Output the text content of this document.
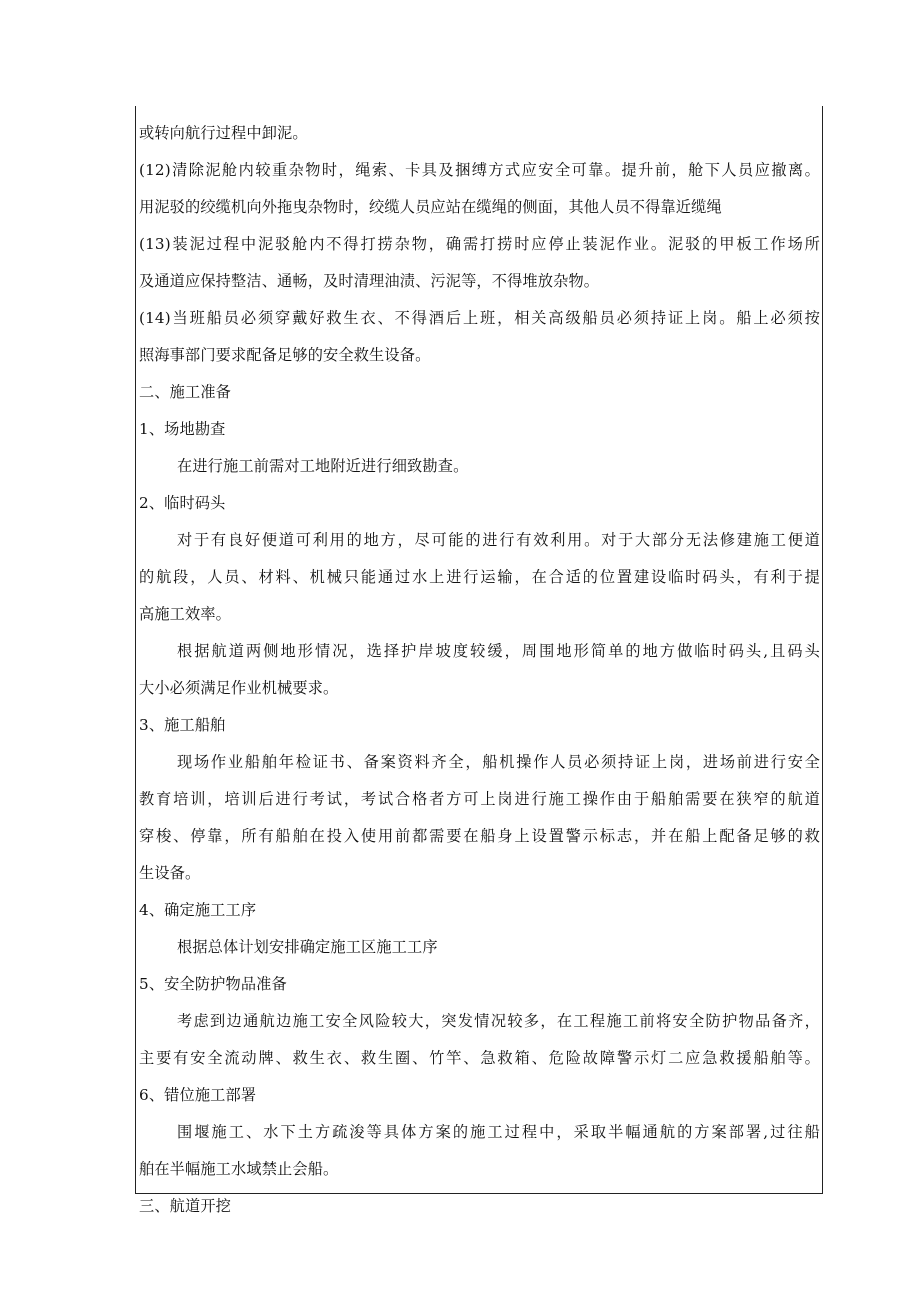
或转向航行过程中卸泥。
(12)清除泥舱内较重杂物时，绳索、卡具及捆缚方式应安全可靠。提升前，舱下人员应撤离。
用泥驳的绞缆机向外拖曳杂物时，绞缆人员应站在缆绳的侧面，其他人员不得靠近缆绳
(13)装泥过程中泥驳舱内不得打捞杂物，确需打捞时应停止装泥作业。泥驳的甲板工作场所
及通道应保持整洁、通畅，及时清理油渍、污泥等，不得堆放杂物。
(14)当班船员必须穿戴好救生衣、不得酒后上班，相关高级船员必须持证上岗。船上必须按
照海事部门要求配备足够的安全救生设备。
二、施工准备
1、场地勘查
在进行施工前需对工地附近进行细致勘查。
2、临时码头
对于有良好便道可利用的地方，尽可能的进行有效利用。对于大部分无法修建施工便道
的航段，人员、材料、机械只能通过水上进行运输，在合适的位置建设临时码头，有利于提
高施工效率。
根据航道两侧地形情况，选择护岸坡度较缓，周围地形简单的地方做临时码头,且码头
大小必须满足作业机械要求。
3、施工船舶
现场作业船舶年检证书、备案资料齐全，船机操作人员必须持证上岗，进场前进行安全
教育培训，培训后进行考试，考试合格者方可上岗进行施工操作由于船舶需要在狭窄的航道
穿梭、停靠，所有船舶在投入使用前都需要在船身上设置警示标志，并在船上配备足够的救
生设备。
4、确定施工工序
根据总体计划安排确定施工区施工工序
5、安全防护物品准备
考虑到边通航边施工安全风险较大，突发情况较多，在工程施工前将安全防护物品备齐，
主要有安全流动牌、救生衣、救生圈、竹竿、急救箱、危险故障警示灯二应急救援船舶等。
6、错位施工部署
围堰施工、水下土方疏浚等具体方案的施工过程中，采取半幅通航的方案部署,过往船
舶在半幅施工水域禁止会船。
三、航道开挖
